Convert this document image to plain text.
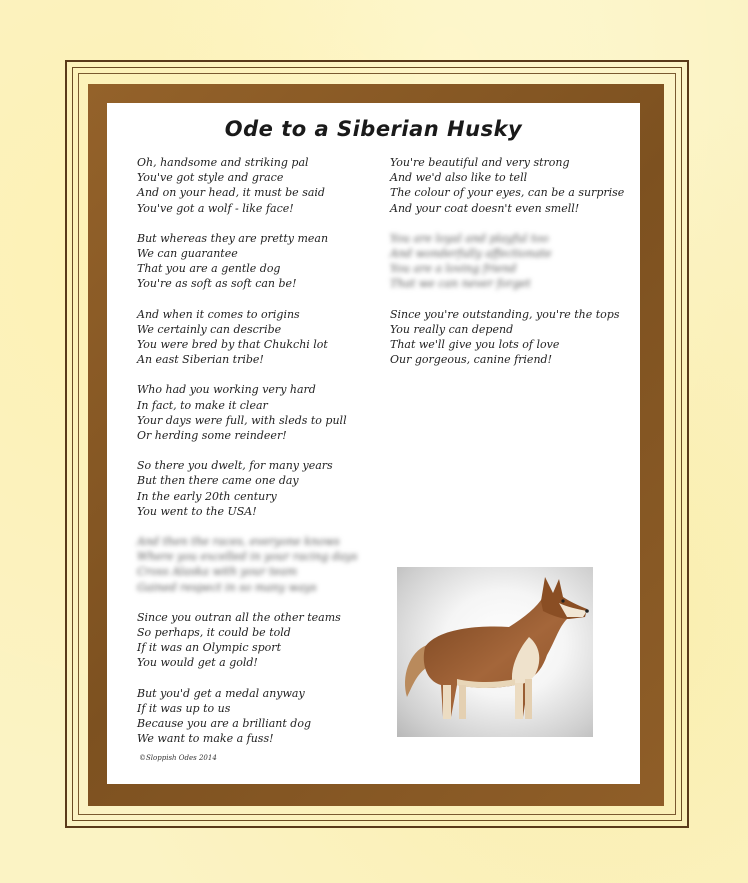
Ode to a Siberian Husky
Oh, handsome and striking pal
You've got style and grace
And on your head, it must be said
You've got a wolf - like face!
But whereas they are pretty mean
We can guarantee
That you are a gentle dog
You're as soft as soft can be!
And when it comes to origins
We certainly can describe
You were bred by that Chukchi lot
An east Siberian tribe!
Who had you working very hard
In fact, to make it clear
Your days were full, with sleds to pull
Or herding some reindeer!
So there you dwelt, for many years
But then there came one day
In the early 20th century
You went to the USA!
And then the races, everyone knows
Where you excelled in your racing days
Cross Alaska with your team
Gained respect in so many ways
Since you outran all the other teams
So perhaps, it could be told
If it was an Olympic sport
You would get a gold!
But you'd get a medal anyway
If it was up to us
Because you are a brilliant dog
We want to make a fuss!
You're beautiful and very strong
And we'd also like to tell
The colour of your eyes, can be a surprise
And your coat doesn't even smell!
You are loyal and playful too
And wonderfully affectionate
You are a loving friend
That we can never forget
Since you're outstanding, you're the tops
You really can depend
That we'll give you lots of love
Our gorgeous, canine friend!
©Sloppish Odes 2014
